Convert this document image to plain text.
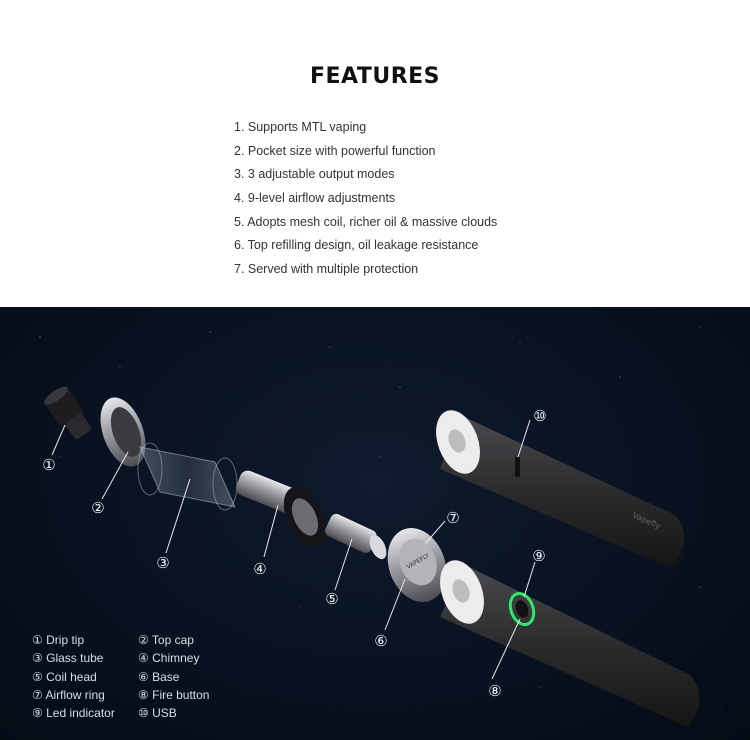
FEATURES
1. Supports MTL vaping
2. Pocket size with powerful function
3. 3 adjustable output modes
4. 9-level airflow adjustments
5. Adopts mesh coil, richer oil & massive clouds
6. Top refilling design, oil leakage resistance
7. Served with multiple protection
VAPEFLY
Vapefly
①
②
③	④
⑤
⑥
⑦
⑧
⑨
⑩
① Drip tip	② Top cap
③ Glass tube	④ Chimney
⑤ Coil head	⑥ Base
⑦ Airflow ring	⑧ Fire button
⑨ Led indicator	⑩ USB
